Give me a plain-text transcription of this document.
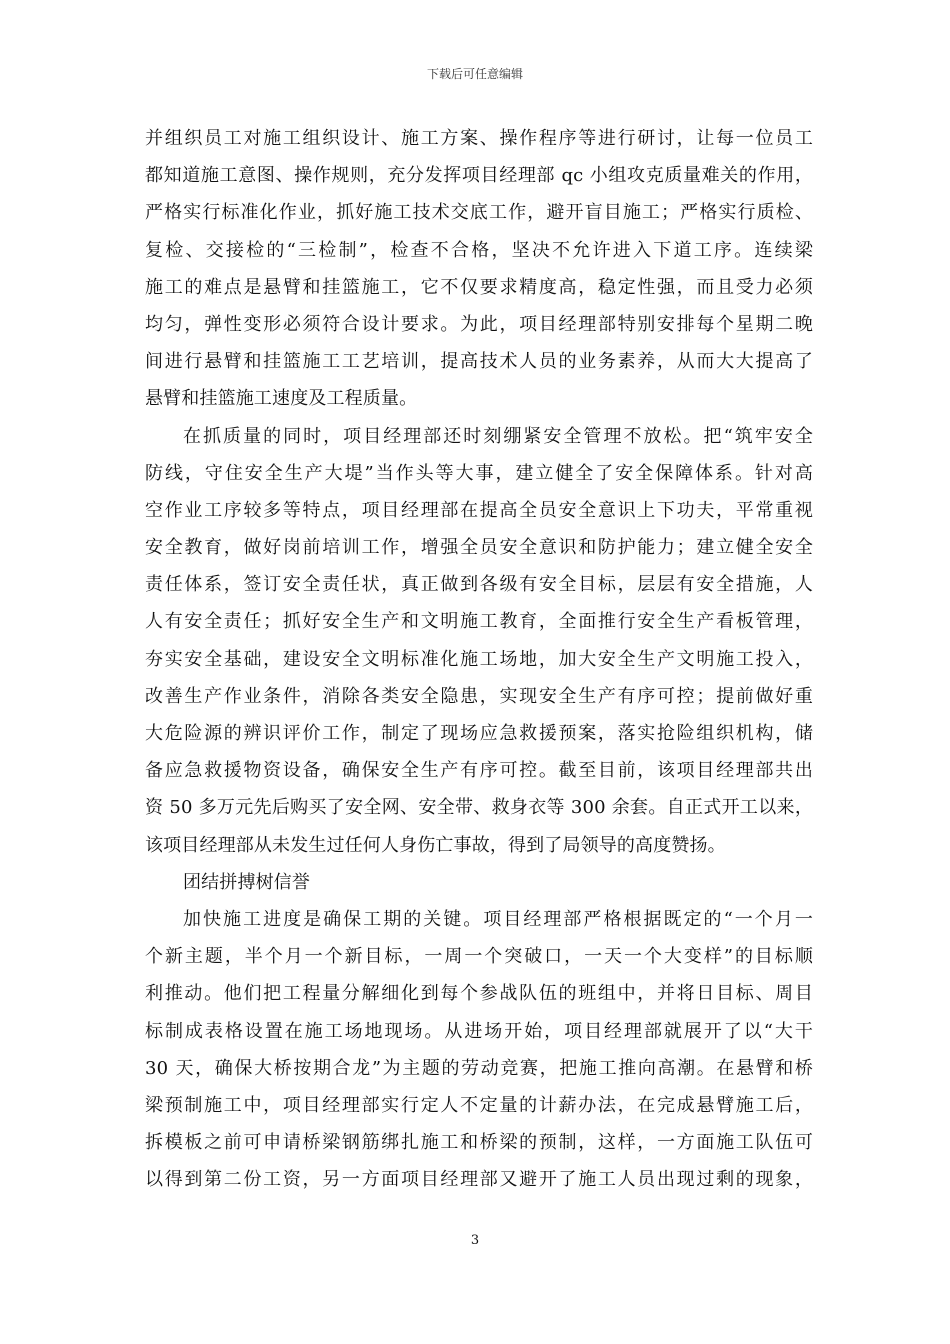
下载后可任意编辑
并组织员工对施工组织设计、施工方案、操作程序等进行研讨，让每一位员工
都知道施工意图、操作规则，充分发挥项目经理部 qc 小组攻克质量难关的作用，
严格实行标准化作业，抓好施工技术交底工作，避开盲目施工；严格实行质检、
复检、交接检的“三检制”，检查不合格，坚决不允许进入下道工序。连续梁
施工的难点是悬臂和挂篮施工，它不仅要求精度高，稳定性强，而且受力必须
均匀，弹性变形必须符合设计要求。为此，项目经理部特别安排每个星期二晚
间进行悬臂和挂篮施工工艺培训，提高技术人员的业务素养，从而大大提高了
悬臂和挂篮施工速度及工程质量。
在抓质量的同时，项目经理部还时刻绷紧安全管理不放松。把“筑牢安全
防线，守住安全生产大堤”当作头等大事，建立健全了安全保障体系。针对高
空作业工序较多等特点，项目经理部在提高全员安全意识上下功夫，平常重视
安全教育，做好岗前培训工作，增强全员安全意识和防护能力；建立健全安全
责任体系，签订安全责任状，真正做到各级有安全目标，层层有安全措施，人
人有安全责任；抓好安全生产和文明施工教育，全面推行安全生产看板管理，
夯实安全基础，建设安全文明标准化施工场地，加大安全生产文明施工投入，
改善生产作业条件，消除各类安全隐患，实现安全生产有序可控；提前做好重
大危险源的辨识评价工作，制定了现场应急救援预案，落实抢险组织机构，储
备应急救援物资设备，确保安全生产有序可控。截至目前，该项目经理部共出
资 50 多万元先后购买了安全网、安全带、救身衣等 300 余套。自正式开工以来，
该项目经理部从未发生过任何人身伤亡事故，得到了局领导的高度赞扬。
团结拼搏树信誉
加快施工进度是确保工期的关键。项目经理部严格根据既定的“一个月一
个新主题，半个月一个新目标，一周一个突破口，一天一个大变样”的目标顺
利推动。他们把工程量分解细化到每个参战队伍的班组中，并将日目标、周目
标制成表格设置在施工场地现场。从进场开始，项目经理部就展开了以“大干
30 天，确保大桥按期合龙”为主题的劳动竞赛，把施工推向高潮。在悬臂和桥
梁预制施工中，项目经理部实行定人不定量的计薪办法，在完成悬臂施工后，
拆模板之前可申请桥梁钢筋绑扎施工和桥梁的预制，这样，一方面施工队伍可
以得到第二份工资，另一方面项目经理部又避开了施工人员出现过剩的现象，
3
